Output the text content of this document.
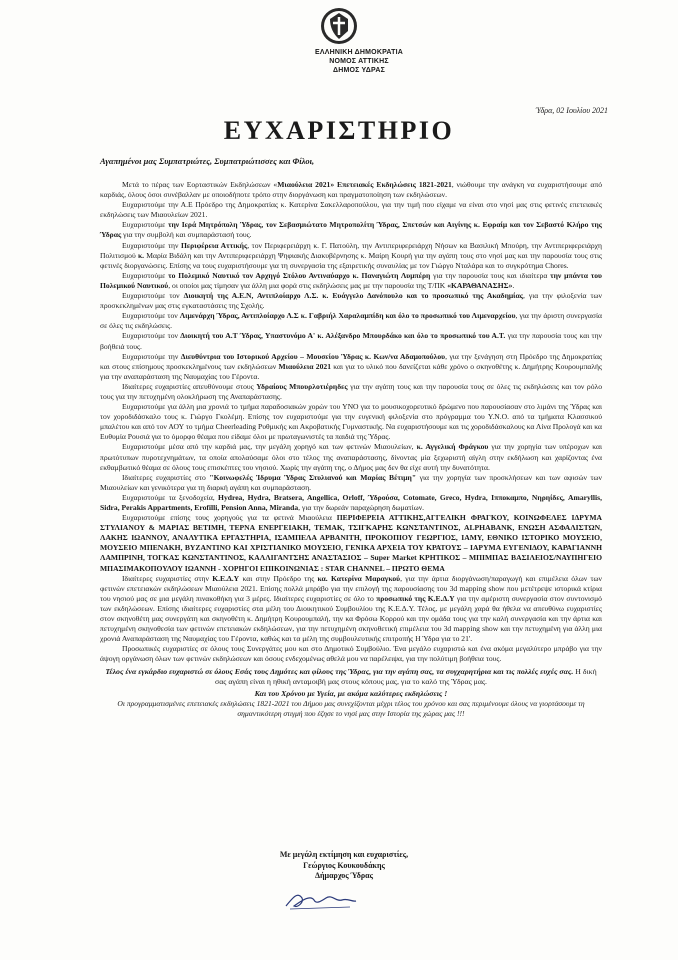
ΕΛΛΗΝΙΚΗ ΔΗΜΟΚΡΑΤΙΑ
ΝΟΜΟΣ ΑΤΤΙΚΗΣ
ΔΗΜΟΣ ΥΔΡΑΣ
Ύδρα, 02 Ιουλίου 2021
ΕΥΧΑΡΙΣΤΗΡΙΟ
Αγαπημένοι μας Συμπατριώτες, Συμπατριώτισσες και Φίλοι,

Μετά το πέρας των Εορταστικών Εκδηλώσεων «Μιαούλεια 2021» Επετειακές Εκδηλώσεις 1821-2021, νιώθουμε την ανάγκη να ευχαριστήσουμε από καρδιάς, όλους όσοι συνέβαλλαν με οποιοδήποτε τρόπο στην διοργάνωση και πραγματοποίηση των εκδηλώσεων.

Ευχαριστούμε την Α.Ε Πρόεδρο της Δημοκρατίας κ. Κατερίνα Σακελλαροπούλου, για την τιμή που είχαμε να είναι στο νησί μας στις φετινές επετειακές εκδηλώσεις των Μιαουλείων 2021.

Ευχαριστούμε την Ιερά Μητρόπολη Ύδρας, τον Σεβασμιώτατο Μητροπολίτη Ύδρας, Σπετσών και Αιγίνης κ. Εφραίμ και τον Σεβαστό Κλήρο της Ύδρας για την συμβολή και συμπαράστασή τους.

Ευχαριστούμε την Περιφέρεια Αττικής, τον Περιφερειάρχη κ. Γ. Πατούλη, την Αντιπεριφερειάρχη Νήσων κα Βασιλική Μπούρη, την Αντιπεριφερειάρχη Πολιτισμού κ. Μαρία Βιδάλη και την Αντιπεριφερειάρχη Ψηφιακής Διακυβέρνησης κ. Μαίρη Κουρή για την αγάπη τους στο νησί μας και την παρουσία τους στις φετινές διοργανώσεις. Επίσης να τους ευχαριστήσουμε για τη συνεργασία της εξαιρετικής συναυλίας με τον Γιώργο Νταλάρα και το συγκρότημα Chores.

Ευχαριστούμε το Πολεμικό Ναυτικό τον Αρχηγό Στόλου Αντιναύαρχο κ. Παναγιώτη Λυμπέρη για την παρουσία τους και ιδιαίτερα την μπάντα του Πολεμικού Ναυτικού, οι οποίοι μας τίμησαν για άλλη μια φορά στις εκδηλώσεις μας με την παρουσία της Τ/ΠΚ «ΚΑΡΑΘΑΝΑΣΗΣ».

Ευχαριστούμε τον Διοικητή της Α.Ε.Ν, Αντιπλοίαρχο Λ.Σ. κ. Ευάγγελο Δανόπουλο και το προσωπικό της Ακαδημίας, για την φιλοξενία των προσκεκλημένων μας στις εγκαταστάσεις της Σχολής.

Ευχαριστούμε τον Λιμενάρχη Ύδρας, Αντιπλοίαρχο Λ.Σ κ. Γαβριήλ Χαραλαμπίδη και όλο το προσωπικό του Λιμεναρχείου, για την άριστη συνεργασία σε όλες τις εκδηλώσεις.

Ευχαριστούμε τον Διοικητή του Α.Τ Ύδρας, Υπαστυνόμο Α' κ. Αλέξανδρο Μπουρδάκο και όλο το προσωπικό του Α.Τ. για την παρουσία τους και την βοήθειά τους.

Ευχαριστούμε την Διευθύντρια του Ιστορικού Αρχείου – Μουσείου Ύδρας κ. Κων/να Αδαμοπούλου, για την ξενάγηση στη Πρόεδρο της Δημοκρατίας και στους επίσημους προσκεκλημένους των εκδηλώσεων Μιαούλεια 2021 και για το υλικό που δανείζεται κάθε χρόνο ο σκηνοθέτης κ. Δημήτρης Κουρουμπαλής για την αναπαράσταση της Ναυμαχίας του Γέροντα.

Ιδιαίτερες ευχαριστίες απευθύνουμε στους Υδραίους Μπουρλοτιέρηδες για την αγάπη τους και την παρουσία τους σε όλες τις εκδηλώσεις και τον ρόλο τους για την πετυχημένη ολοκλήρωση της Αναπαράστασης.

Ευχαριστούμε για άλλη μια χρονιά το τμήμα παραδοσιακών χορών του ΥΝΟ για το μουσικοχορευτικό δρώμενο που παρουσίασαν στο λιμάνι της Ύδρας και τον χοροδιδάσκαλο τους κ. Γιώργο Γκολέμη. Επίσης τον ευχαριστούμε για την ευγενική φιλοξενία στο πρόγραμμα του Υ.Ν.Ο. από τα τμήματα Κλασσικού μπαλέτου και από τον ΑΟΥ το τμήμα Cheerleading Ρυθμικής και Ακροβατικής Γυμναστικής. Να ευχαριστήσουμε και τις χοροδιδάσκαλους κα Λίνα Προλογά και κα Ευθυμία Ρουσιά για το όμορφο θέαμα που είδαμε όλοι με πρωταγωνιστές τα παιδιά της Ύδρας.

Ευχαριστούμε μέσα από την καρδιά μας, την μεγάλη χορηγό και των φετινών Μιαουλείων, κ. Αγγελική Φράγκου για την χορηγία των υπέροχων και πρωτότυπων πυροτεχνημάτων, τα οποία απολαύσαμε όλοι στο τέλος της αναπαράστασης, δίνοντας μία ξεχωριστή αίγλη στην εκδήλωση και χαρίζοντας ένα εκθαμβωτικό θέαμα σε όλους τους επισκέπτες του νησιού. Χωρίς την αγάπη της, ο Δήμος μας δεν θα είχε αυτή την δυνατότητα.

Ιδιαίτερες ευχαριστίες στο "Κοινωφελές Ίδρυμα Ύδρας Στυλιανού και Μαρίας Βέτιμη" για την χορηγία των προσκλήσεων και των αφισών των Μιαουλείων και γενικότερα για τη διαρκή αγάπη και συμπαράσταση.

Ευχαριστούμε τα ξενοδοχεία, Hydrea, Hydra, Bratsera, Angellica, Orloff, Ύδρούσα, Cotomate, Greco, Hydra, Ιπποκαμπο, Νηρηίδες, Amaryllis, Sidra, Perakis Appartments, Erofilli, Pension Anna, Miranda, για την δωρεάν παραχώρηση δωματίων.

Ευχαριστούμε επίσης τους χορηγούς για τα φετινά Μιαούλεια ΠΕΡΙΦΕΡΕΙΑ ΑΤΤΙΚΗΣ,ΑΓΓΕΛΙΚΗ ΦΡΑΓΚΟΥ, ΚΟΙΝΩΦΕΛΕΣ ΙΔΡΥΜΑ ΣΤΥΛΙΑΝΟΥ & ΜΑΡΙΑΣ ΒΕΤΙΜΗ, ΤΕΡΝΑ ΕΝΕΡΓΕΙΑΚΗ, ΤΕΜΑΚ, ΤΣΙΓΚΑΡΗΣ ΚΩΝΣΤΑΝΤΙΝΟΣ, ALPHABANK, ΕΝΩΣΗ ΑΣΦΑΛΙΣΤΩΝ, ΛΑΚΗΣ ΙΩΑΝΝΟΥ, ΑΝΑΛΥΤΙΚΑ ΕΡΓΑΣΤΗΡΙΑ, ΙΣΑΜΠΕΛΑ ΑΡΒΑΝΙΤΗ, ΠΡΟΚΟΠΙΟΥ ΓΕΩΡΓΙΟΣ, ΙΑΜΥ, ΕΘΝΙΚΟ ΙΣΤΟΡΙΚΟ ΜΟΥΣΕΙΟ, ΜΟΥΣΕΙΟ ΜΠΕΝΑΚΗ, ΒΥΖΑΝΤΙΝΟ ΚΑΙ ΧΡΙΣΤΙΑΝΙΚΟ ΜΟΥΣΕΙΟ, ΓΕΝΙΚΑ ΑΡΧΕΙΑ ΤΟΥ ΚΡΑΤΟΥΣ – ΙΑΡΥΜΑ ΕΥΓΕΝΙΔΟΥ, ΚΑΡΑΓΙΑΝΝΗ ΛΑΜΠΡΙΝΗ, ΤΟΓΚΑΣ ΚΩΝΣΤΑΝΤΙΝΟΣ, ΚΑΛΛΙΓΑΝΤΣΗΣ ΑΝΑΣΤΑΣΙΟΣ – Super Market ΚΡΗΤΙΚΟΣ – ΜΠΙΜΠΑΣ ΒΑΣΙΛΕΙΟΣ/ΝΑΥΠΗΓΕΙΟ ΜΠΑΣΙΜΑΚΟΠΟΥΛΟΥ ΙΩΑΝΝΗ - ΧΟΡΗΓΟΙ ΕΠΙΚΟΙΝΩΝΙΑΣ : STAR CHANNEL – ΠΡΩΤΟ ΘΕΜΑ

Ιδιαίτερες ευχαριστίες στην Κ.Ε.Δ.Υ και στην Πρόεδρο της κα. Κατερίνα Μαραγκού, για την άρτια διοργάνωση/παραγωγή και επιμέλεια όλων των φετινών επετειακών εκδηλώσεων Μιαούλεια 2021. Επίσης πολλά μπράβο για την επιλογή της παρουσίασης του 3d mapping show που μετέτρεψε ιστορικά κτίρια του νησιού μας σε μια μεγάλη πινακοθήκη για 3 μέρες. Ιδιαίτερες ευχαριστίες σε όλο το προσωπικό της Κ.Ε.Δ.Υ για την αμέριστη συνεργασία στον συντονισμό των εκδηλώσεων. Επίσης ιδιαίτερες ευχαριστίες στα μέλη του Διοικητικού Συμβουλίου της Κ.Ε.Δ.Υ. Τέλος, με μεγάλη χαρά θα ήθελα να απευθύνω ευχαριστίες στον σκηνοθέτη μας συνεργάτη και σκηνοθέτη κ. Δημήτρη Κουρουμπαλή, την κα Φρόσω Κορρού και την ομάδα τους για την καλή συνεργασία και την άρτια και πετυχημένη σκηνοθεσία των φετινών επετειακών εκδηλώσεων, για την πετυχημένη σκηνοθετική επιμέλεια του 3d mapping show και την πετυχημένη για άλλη μια χρονιά Αναπαράσταση της Ναυμαχίας του Γέροντα, καθώς και τα μέλη της συμβουλευτικής επιτροπής Η Ύδρα για το 21'.

Προσωπικές ευχαριστίες σε όλους τους Συνεργάτες μου και στο Δημοτικό Συμβούλιο. Ένα μεγάλο ευχαριστώ και ένα ακόμα μεγαλύτερο μπράβο για την άψογη οργάνωση όλων των φετινών εκδηλώσεων και όσους ενδεχομένως αθελά μου να παρέλειψα, για την πολύτιμη βοήθεια τους.

Τέλος ένα εγκάρδιο ευχαριστώ σε όλους Εσάς τους Δημότες και φίλους της Ύδρας, για την αγάπη σας, τα συγχαρητήρια και τις πολλές ευχές σας. Η δική σας αγάπη είναι η ηθική ανταμοιβή μας στους κόπους μας, για το καλό της Ύδρας μας.
Και του Χρόνου με Υγεία, με ακόμα καλύτερες εκδηλώσεις !
Οι προγραμματισμένες επετειακές εκδηλώσεις 1821-2021 του Δήμου μας συνεχίζονται μέχρι τέλος του χρόνου και σας περιμένουμε όλους να γιορτάσουμε τη σημαντικότερη στιγμή που έζησε το νησί μας στην Ιστορία της χώρας μας !!!
Με μεγάλη εκτίμηση και ευχαριστίες,
Γεώργιος Κουκουδάκης
Δήμαρχος Ύδρας
